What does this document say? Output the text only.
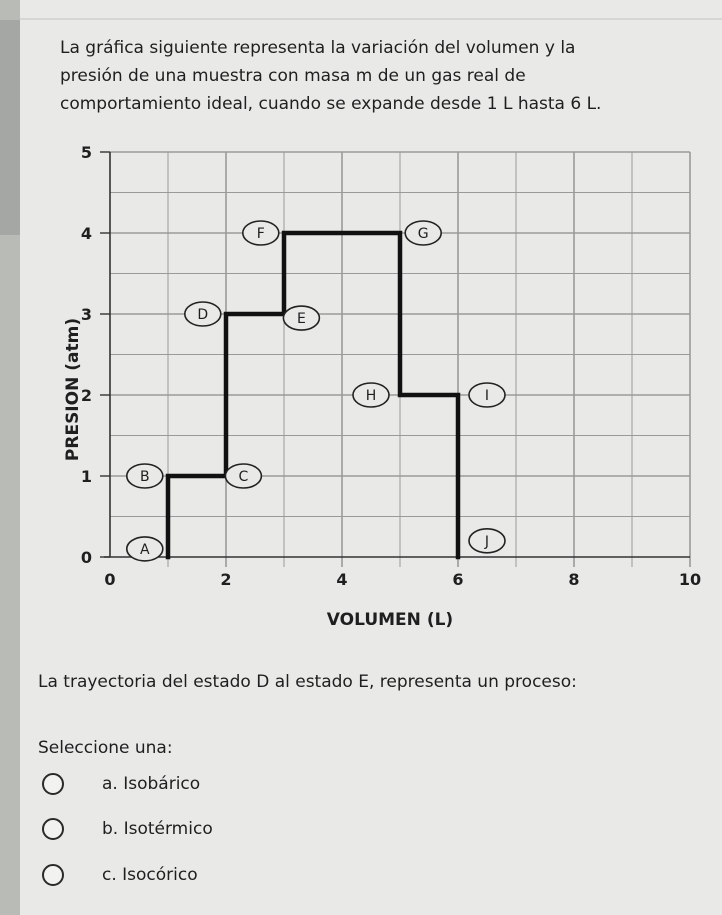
La gráfica siguiente representa la variación del volumen y la
presión de una muestra con masa m de un gas real de
comportamiento ideal, cuando se expande desde 1 L hasta 6 L.

0
1
2
3
4
5
0	2	4	6	8	10
VOLUMEN (L)
PRESION (atm)
A
B	C
D	E
F	G
H	I
J

La trayectoria del estado D al estado E, representa un proceso:

Seleccione una:

a. Isobárico
b. Isotérmico
c. Isocórico
